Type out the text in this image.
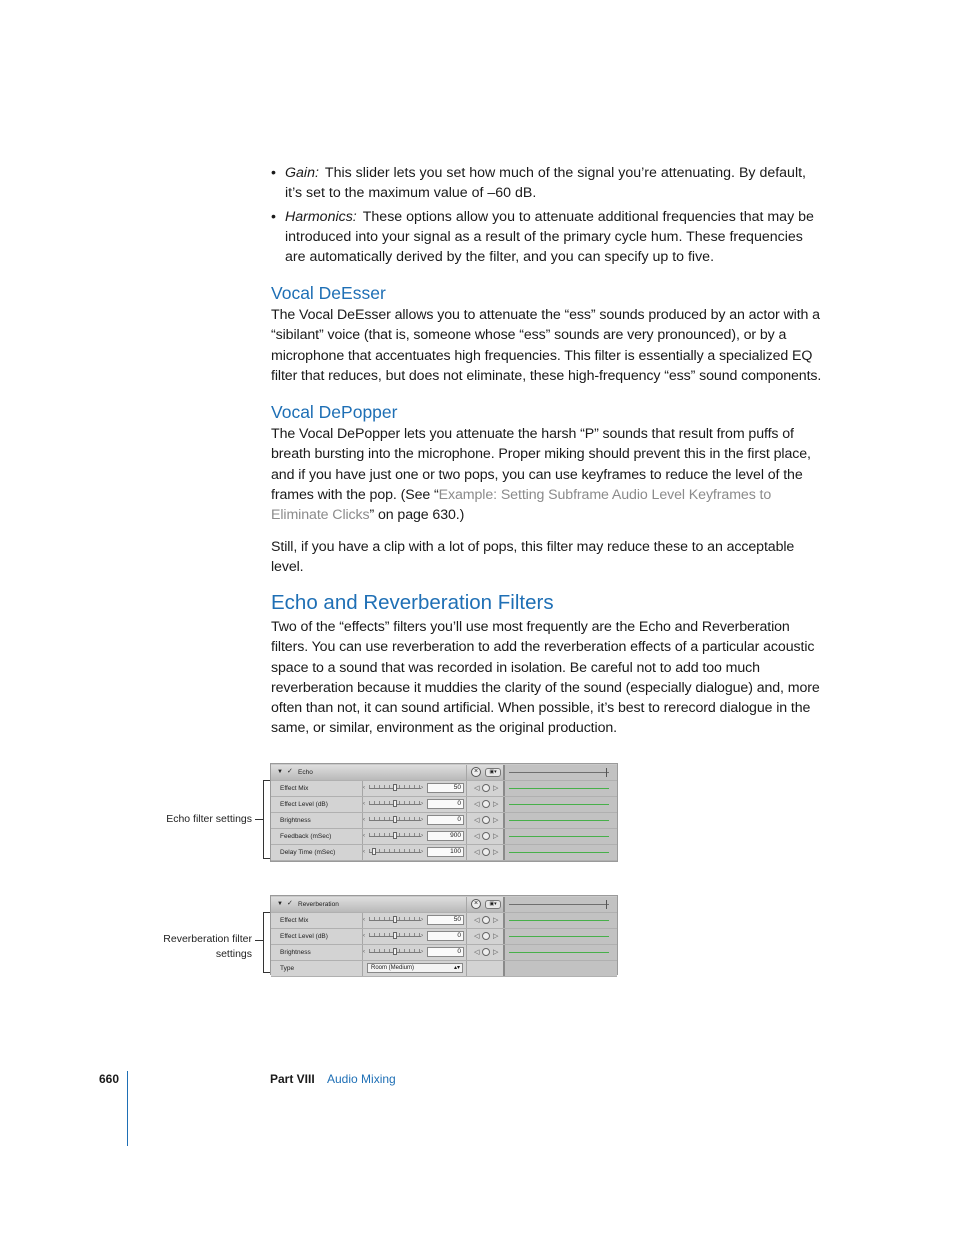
• Gain: This slider lets you set how much of the signal you’re attenuating. By default, it’s set to the maximum value of –60 dB.
• Harmonics: These options allow you to attenuate additional frequencies that may be introduced into your signal as a result of the primary cycle hum. These frequencies are automatically derived by the filter, and you can specify up to five.
Vocal DeEsser

The Vocal DeEsser allows you to attenuate the “ess” sounds produced by an actor with a “sibilant” voice (that is, someone whose “ess” sounds are very pronounced), or by a microphone that accentuates high frequencies. This filter is essentially a specialized EQ filter that reduces, but does not eliminate, these high-frequency “ess” sound components.

Vocal DePopper

The Vocal DePopper lets you attenuate the harsh “P” sounds that result from puffs of breath bursting into the microphone. Proper miking should prevent this in the first place, and if you have just one or two pops, you can use keyframes to reduce the level of the frames with the pop. (See “Example: Setting Subframe Audio Level Keyframes to Eliminate Clicks” on page 630.)

Still, if you have a clip with a lot of pops, this filter may reduce these to an acceptable level.

Echo and Reverberation Filters

Two of the “effects” filters you’ll use most frequently are the Echo and Reverberation filters. You can use reverberation to add the reverberation effects of a particular acoustic space to a sound that was recorded in isolation. Be careful not to add too much reverberation because it muddies the clarity of the sound (especially dialogue) and, more often than not, it can sound artificial. When possible, it’s best to rerecord dialogue in the same, or similar, environment as the original production.

▼ ✓ Echo	×	▣▾
Effect Mix	‹	›	50	◁ ▷
Effect Level (dB)	‹	›	0	◁ ▷
Brightness	‹	›	0	◁ ▷
Feedback (mSec)	‹	›	900	◁ ▷
Delay Time (mSec)	‹	›	100	◁ ▷
Echo filter settings
▼ ✓ Reverberation	×	▣▾
Effect Mix	‹	›	50	◁ ▷
Effect Level (dB)	‹	›	0	◁ ▷
Brightness	‹	›	0	◁ ▷
Type	Room (Medium)	▴▾
Reverberation filter settings
660	Part VIII Audio Mixing
